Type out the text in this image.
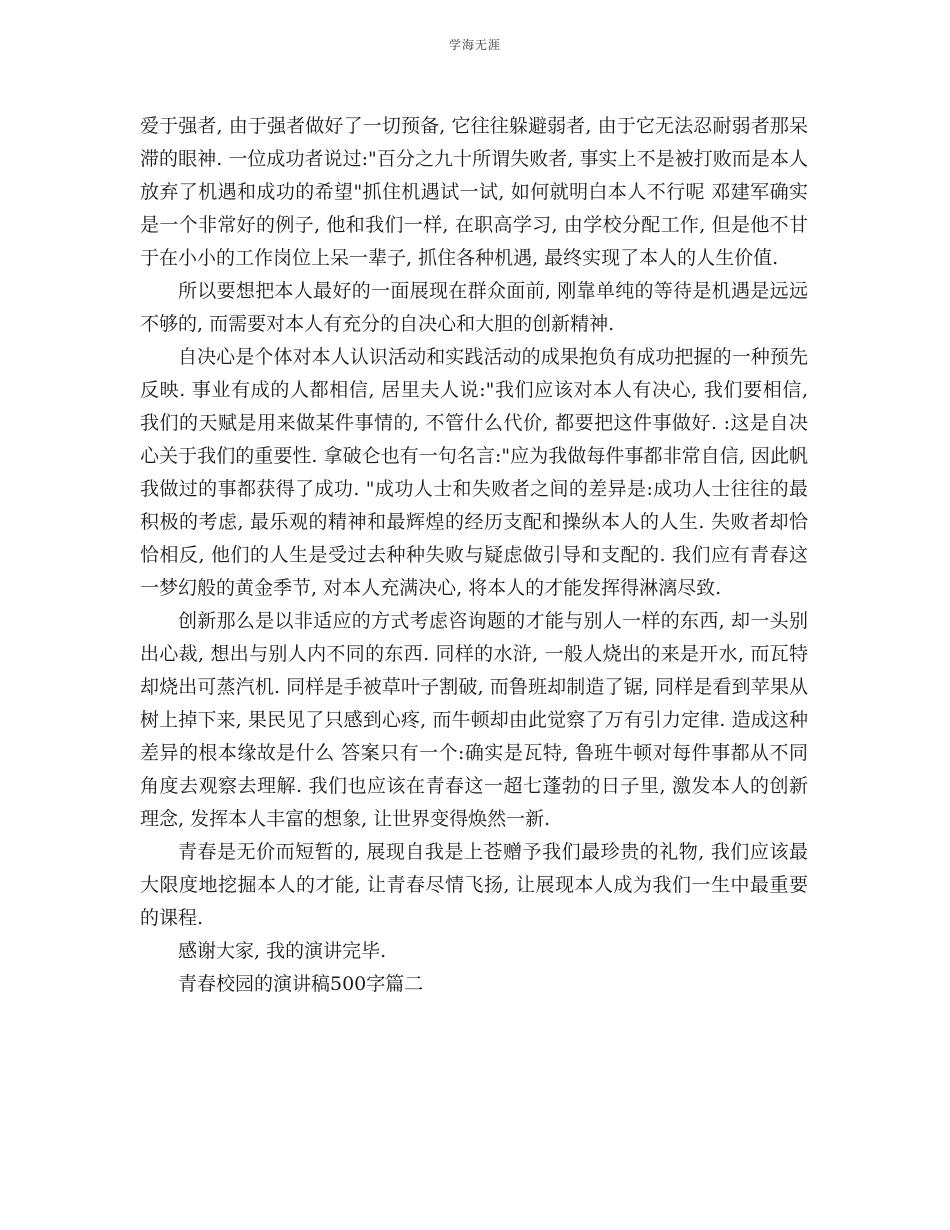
学海无涯

爱于强者, 由于强者做好了一切预备, 它往往躲避弱者, 由于它无法忍耐弱者那呆滞的眼神. 一位成功者说过:"百分之九十所谓失败者, 事实上不是被打败而是本人放弃了机遇和成功的希望"抓住机遇试一试, 如何就明白本人不行呢 邓建军确实是一个非常好的例子, 他和我们一样, 在职高学习, 由学校分配工作, 但是他不甘于在小小的工作岗位上呆一辈子, 抓住各种机遇, 最终实现了本人的人生价值.

所以要想把本人最好的一面展现在群众面前, 刚靠单纯的等待是机遇是远远不够的, 而需要对本人有充分的自决心和大胆的创新精神.

自决心是个体对本人认识活动和实践活动的成果抱负有成功把握的一种预先反映. 事业有成的人都相信, 居里夫人说:"我们应该对本人有决心, 我们要相信, 我们的天赋是用来做某件事情的, 不管什么代价, 都要把这件事做好. :这是自决心关于我们的重要性. 拿破仑也有一句名言:"应为我做每件事都非常自信, 因此帆我做过的事都获得了成功. "成功人士和失败者之间的差异是:成功人士往往的最积极的考虑, 最乐观的精神和最辉煌的经历支配和操纵本人的人生. 失败者却恰恰相反, 他们的人生是受过去种种失败与疑虑做引导和支配的. 我们应有青春这一梦幻般的黄金季节, 对本人充满决心, 将本人的才能发挥得淋漓尽致.

创新那么是以非适应的方式考虑咨询题的才能与别人一样的东西, 却一头别出心裁, 想出与别人内不同的东西. 同样的水浒, 一般人烧出的来是开水, 而瓦特却烧出可蒸汽机. 同样是手被草叶子割破, 而鲁班却制造了锯, 同样是看到苹果从树上掉下来, 果民见了只感到心疼, 而牛顿却由此觉察了万有引力定律. 造成这种差异的根本缘故是什么 答案只有一个:确实是瓦特, 鲁班牛顿对每件事都从不同角度去观察去理解. 我们也应该在青春这一超七蓬勃的日子里, 激发本人的创新理念, 发挥本人丰富的想象, 让世界变得焕然一新.

青春是无价而短暂的, 展现自我是上苍赠予我们最珍贵的礼物, 我们应该最大限度地挖掘本人的才能, 让青春尽情飞扬, 让展现本人成为我们一生中最重要的课程.

感谢大家, 我的演讲完毕.

青春校园的演讲稿500字篇二
